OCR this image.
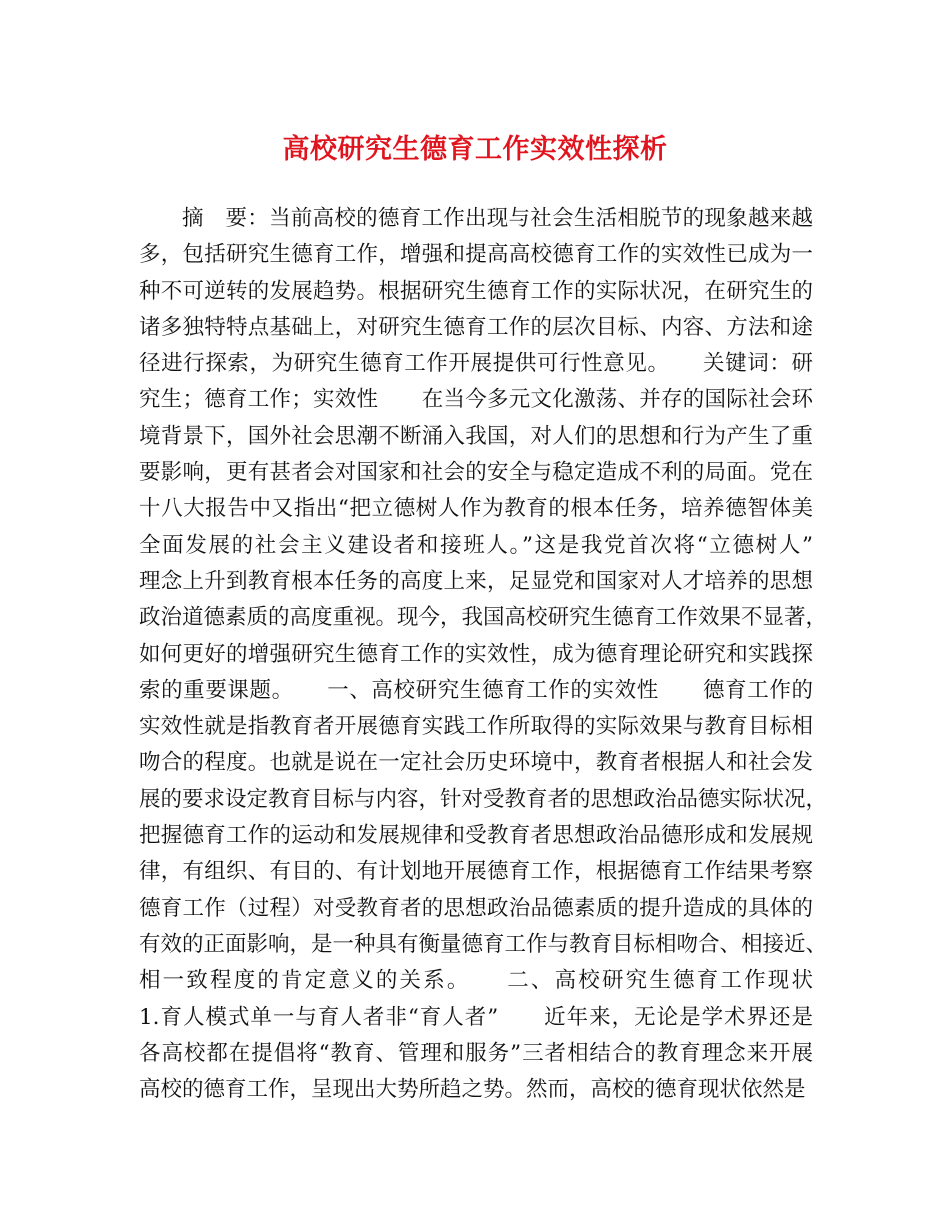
高校研究生德育工作实效性探析
摘　要：当前高校的德育工作出现与社会生活相脱节的现象越来越
多，包括研究生德育工作，增强和提高高校德育工作的实效性已成为一
种不可逆转的发展趋势。根据研究生德育工作的实际状况，在研究生的
诸多独特特点基础上，对研究生德育工作的层次目标、内容、方法和途
径进行探索，为研究生德育工作开展提供可行性意见。　　关键词：研
究生；德育工作；实效性　　在当今多元文化激荡、并存的国际社会环
境背景下，国外社会思潮不断涌入我国，对人们的思想和行为产生了重
要影响，更有甚者会对国家和社会的安全与稳定造成不利的局面。党在
十八大报告中又指出“把立德树人作为教育的根本任务，培养德智体美
全面发展的社会主义建设者和接班人。”这是我党首次将“立德树人”
理念上升到教育根本任务的高度上来，足显党和国家对人才培养的思想
政治道德素质的高度重视。现今，我国高校研究生德育工作效果不显著，
如何更好的增强研究生德育工作的实效性，成为德育理论研究和实践探
索的重要课题。　　一、高校研究生德育工作的实效性　　德育工作的
实效性就是指教育者开展德育实践工作所取得的实际效果与教育目标相
吻合的程度。也就是说在一定社会历史环境中，教育者根据人和社会发
展的要求设定教育目标与内容，针对受教育者的思想政治品德实际状况，
把握德育工作的运动和发展规律和受教育者思想政治品德形成和发展规
律，有组织、有目的、有计划地开展德育工作，根据德育工作结果考察
德育工作（过程）对受教育者的思想政治品德素质的提升造成的具体的
有效的正面影响，是一种具有衡量德育工作与教育目标相吻合、相接近、
相一致程度的肯定意义的关系。　　二、高校研究生德育工作现状
1.育人模式单一与育人者非“育人者”　　近年来，无论是学术界还是
各高校都在提倡将“教育、管理和服务”三者相结合的教育理念来开展
高校的德育工作，呈现出大势所趋之势。然而，高校的德育现状依然是
